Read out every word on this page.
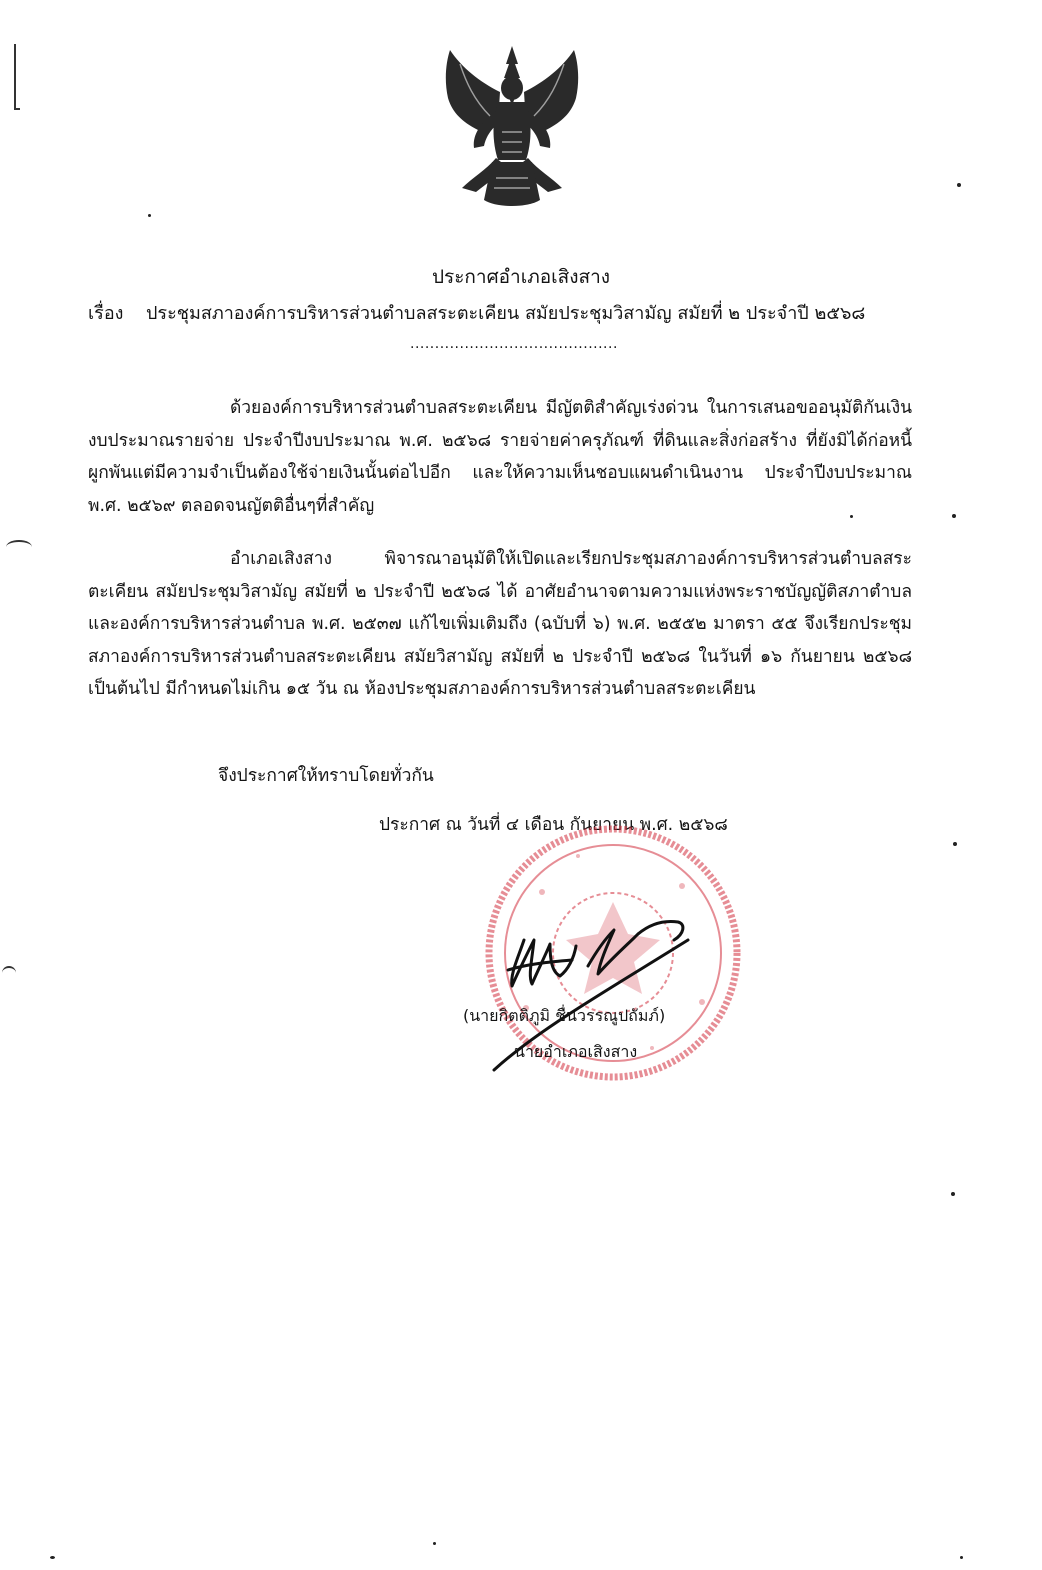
ประกาศอำเภอเสิงสาง
เรื่อง ประชุมสภาองค์การบริหารส่วนตำบลสระตะเคียน สมัยประชุมวิสามัญ สมัยที่ ๒ ประจำปี ๒๕๖๘
..........................................
ด้วยองค์การบริหารส่วนตำบลสระตะเคียน มีญัตติสำคัญเร่งด่วน ในการเสนอขออนุมัติกันเงินงบประมาณรายจ่าย ประจำปีงบประมาณ พ.ศ. ๒๕๖๘ รายจ่ายค่าครุภัณฑ์ ที่ดินและสิ่งก่อสร้าง ที่ยังมิได้ก่อหนี้ผูกพันแต่มีความจำเป็นต้องใช้จ่ายเงินนั้นต่อไปอีก และให้ความเห็นชอบแผนดำเนินงาน ประจำปีงบประมาณ พ.ศ. ๒๕๖๙ ตลอดจนญัตติอื่นๆที่สำคัญ
อำเภอเสิงสาง พิจารณาอนุมัติให้เปิดและเรียกประชุมสภาองค์การบริหารส่วนตำบลสระตะเคียน สมัยประชุมวิสามัญ สมัยที่ ๒ ประจำปี ๒๕๖๘ ได้ อาศัยอำนาจตามความแห่งพระราชบัญญัติสภาตำบลและองค์การบริหารส่วนตำบล พ.ศ. ๒๕๓๗ แก้ไขเพิ่มเติมถึง (ฉบับที่ ๖) พ.ศ. ๒๕๕๒ มาตรา ๕๕ จึงเรียกประชุมสภาองค์การบริหารส่วนตำบลสระตะเคียน สมัยวิสามัญ สมัยที่ ๒ ประจำปี ๒๕๖๘ ในวันที่ ๑๖ กันยายน ๒๕๖๘ เป็นต้นไป มีกำหนดไม่เกิน ๑๕ วัน ณ ห้องประชุมสภาองค์การบริหารส่วนตำบลสระตะเคียน
จึงประกาศให้ทราบโดยทั่วกัน
ประกาศ ณ วันที่ ๔ เดือน กันยายน พ.ศ. ๒๕๖๘
(นายกิตติภูมิ ชื่นวรรณูปถัมภ์)
นายอำเภอเสิงสาง
